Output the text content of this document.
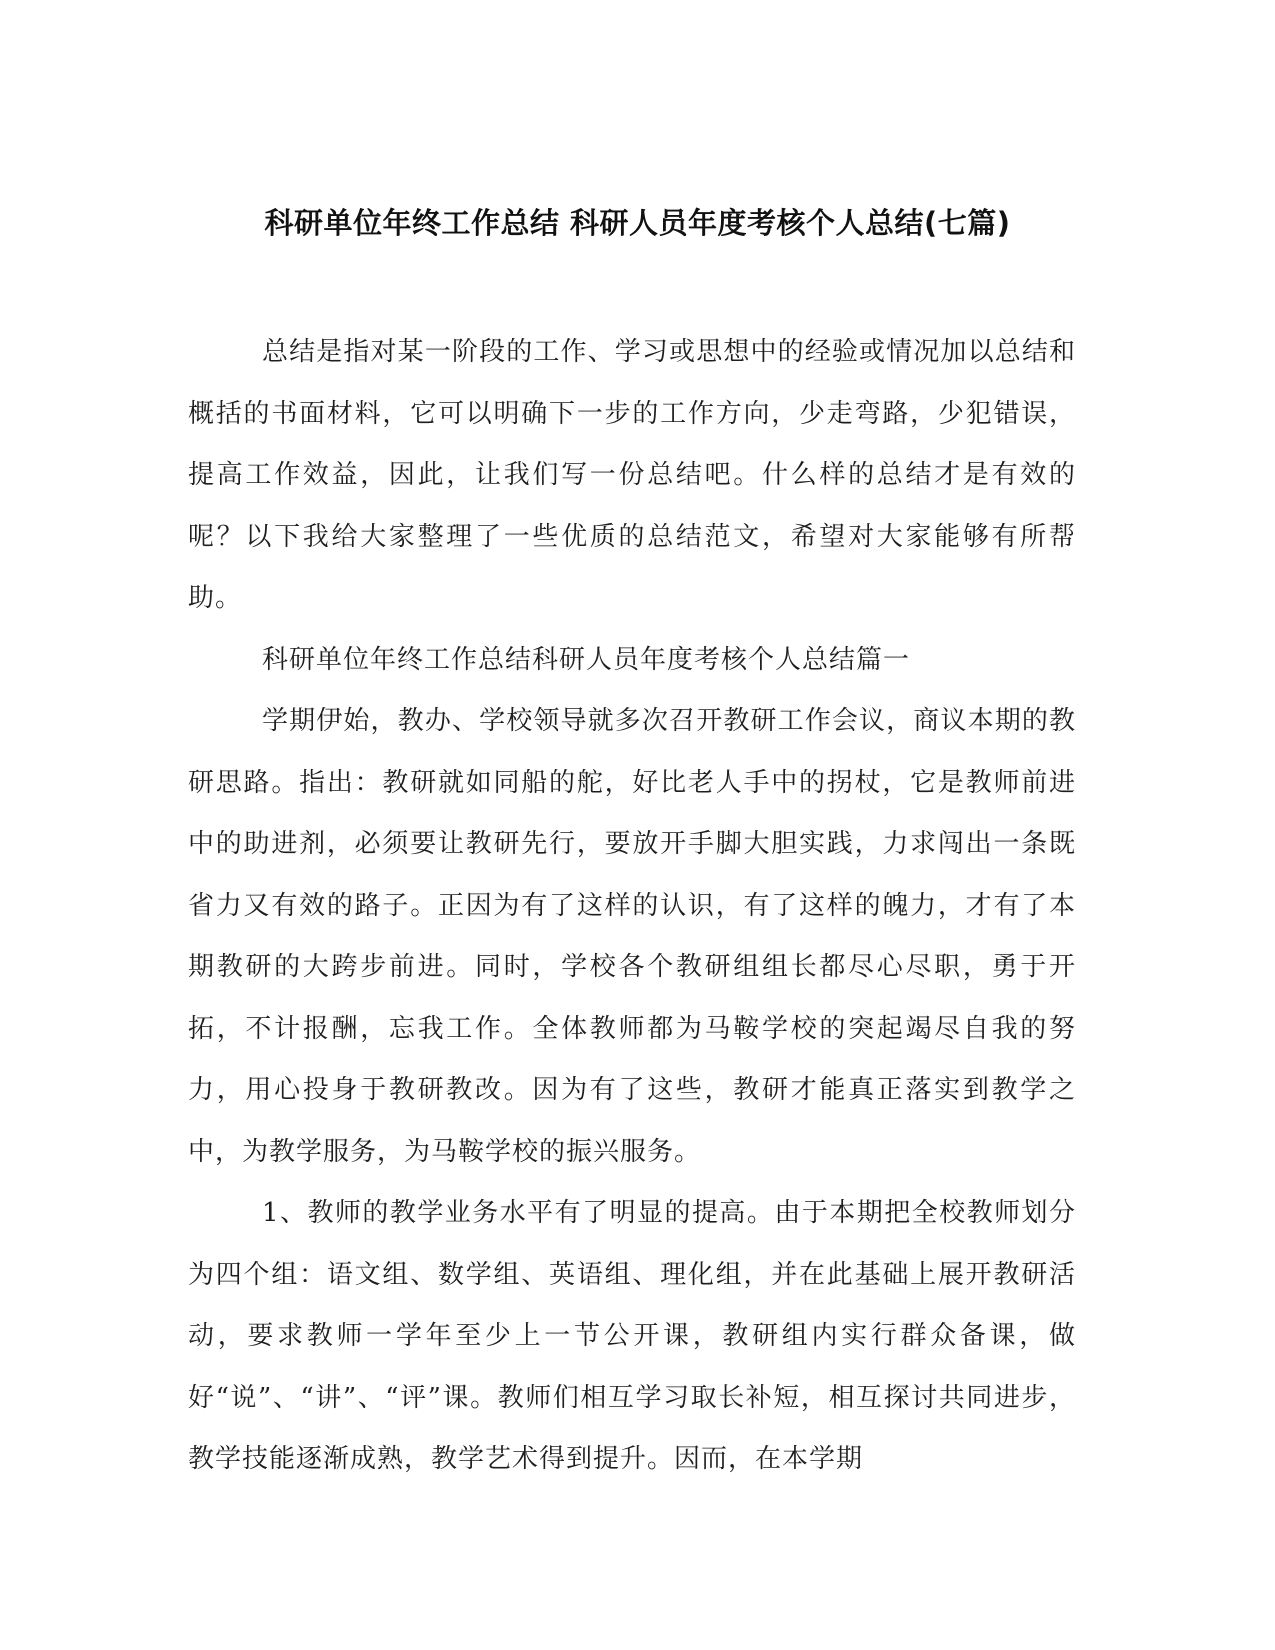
科研单位年终工作总结 科研人员年度考核个人总结(七篇)

总结是指对某一阶段的工作、学习或思想中的经验或情况加以总结和概括的书面材料，它可以明确下一步的工作方向，少走弯路，少犯错误，提高工作效益，因此，让我们写一份总结吧。什么样的总结才是有效的呢？以下我给大家整理了一些优质的总结范文，希望对大家能够有所帮助。

科研单位年终工作总结科研人员年度考核个人总结篇一

学期伊始，教办、学校领导就多次召开教研工作会议，商议本期的教研思路。指出：教研就如同船的舵，好比老人手中的拐杖，它是教师前进中的助进剂，必须要让教研先行，要放开手脚大胆实践，力求闯出一条既省力又有效的路子。正因为有了这样的认识，有了这样的魄力，才有了本期教研的大跨步前进。同时，学校各个教研组组长都尽心尽职，勇于开拓，不计报酬，忘我工作。全体教师都为马鞍学校的突起竭尽自我的努力，用心投身于教研教改。因为有了这些，教研才能真正落实到教学之中，为教学服务，为马鞍学校的振兴服务。

1、教师的教学业务水平有了明显的提高。由于本期把全校教师划分为四个组：语文组、数学组、英语组、理化组，并在此基础上展开教研活动，要求教师一学年至少上一节公开课，教研组内实行群众备课，做好“说”、“讲”、“评”课。教师们相互学习取长补短，相互探讨共同进步，教学技能逐渐成熟，教学艺术得到提升。因而，在本学期
